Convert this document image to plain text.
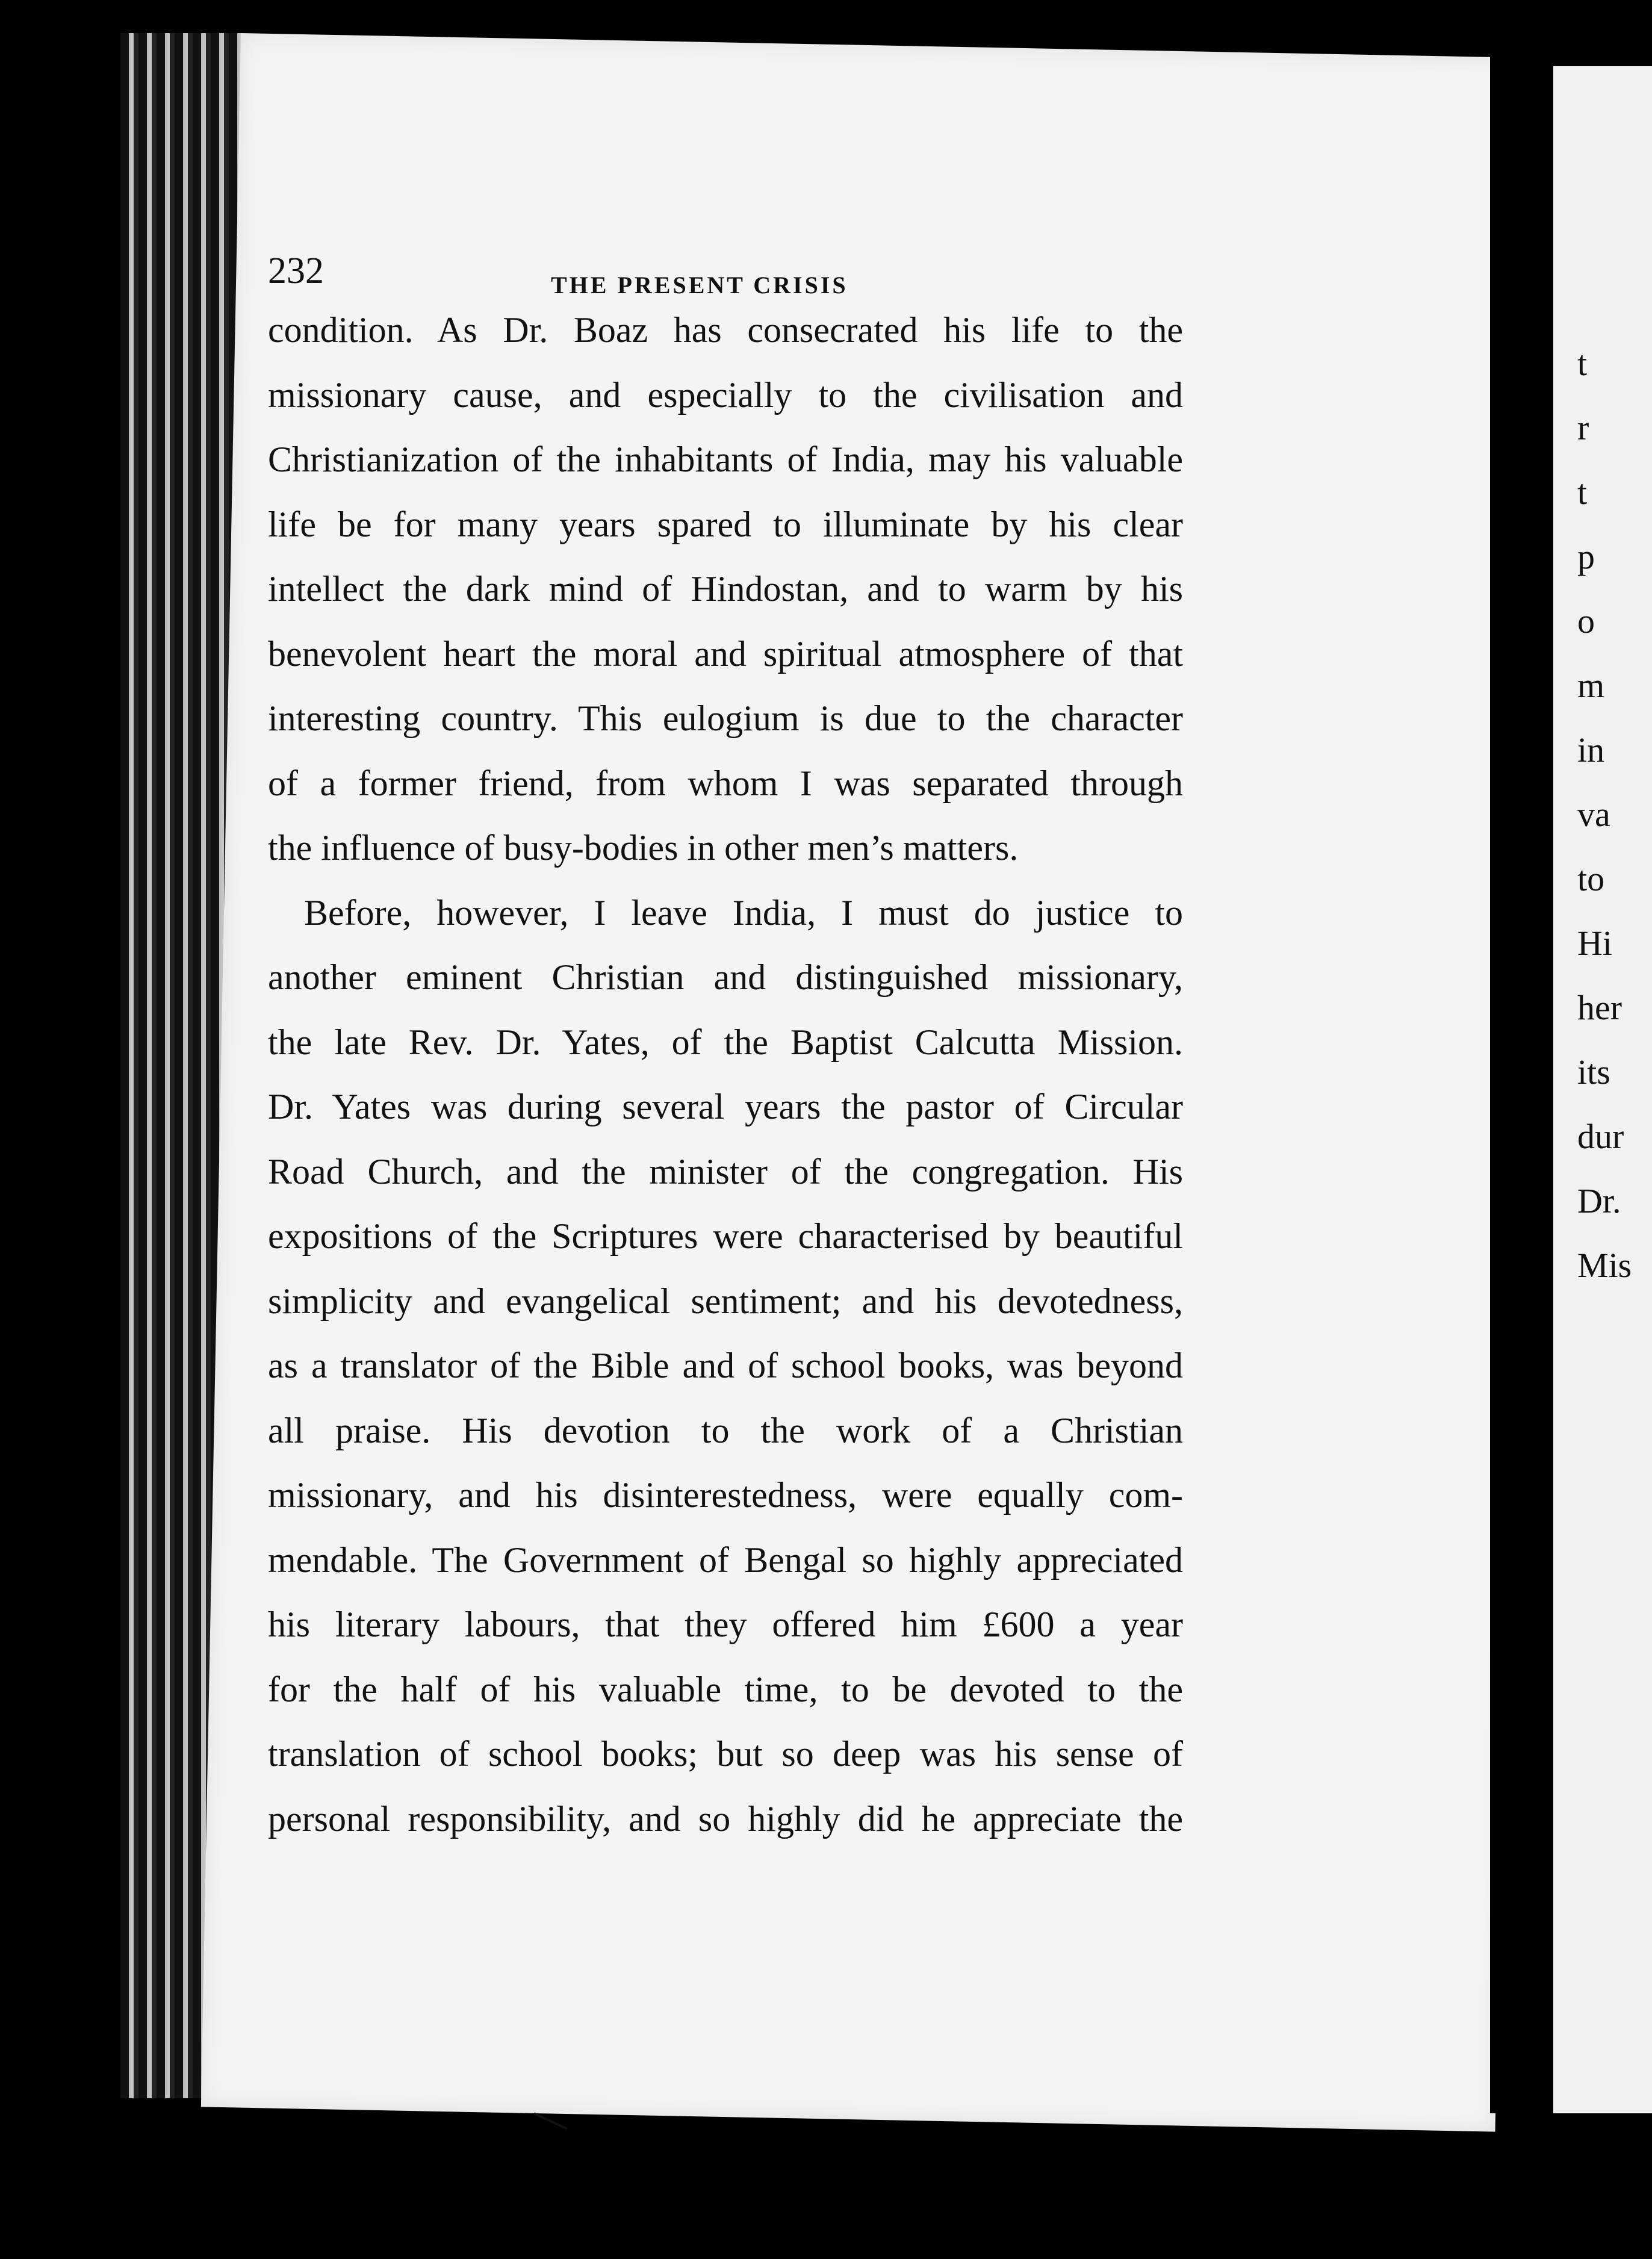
232	THE PRESENT CRISIS
condition. As Dr. Boaz has consecrated his life to the
missionary cause, and especially to the civilisation and
Christianization of the inhabitants of India, may his valuable
life be for many years spared to illuminate by his clear
intellect the dark mind of Hindostan, and to warm by his
benevolent heart the moral and spiritual atmosphere of that
interesting country. This eulogium is due to the character
of a former friend, from whom I was separated through
the influence of busy-bodies in other men’s matters.
Before, however, I leave India, I must do justice to
another eminent Christian and distinguished missionary,
the late Rev. Dr. Yates, of the Baptist Calcutta Mission.
Dr. Yates was during several years the pastor of Circular
Road Church, and the minister of the congregation. His
expositions of the Scriptures were characterised by beautiful
simplicity and evangelical sentiment; and his devotedness,
as a translator of the Bible and of school books, was beyond
all praise. His devotion to the work of a Christian
missionary, and his disinterestedness, were equally com-
mendable. The Government of Bengal so highly appreciated
his literary labours, that they offered him £600 a year
for the half of his valuable time, to be devoted to the
translation of school books; but so deep was his sense of
personal responsibility, and so highly did he appreciate the
t
r
t
p
o
m
in
va
to
Hi
her
its
dur
Dr.
Mis
